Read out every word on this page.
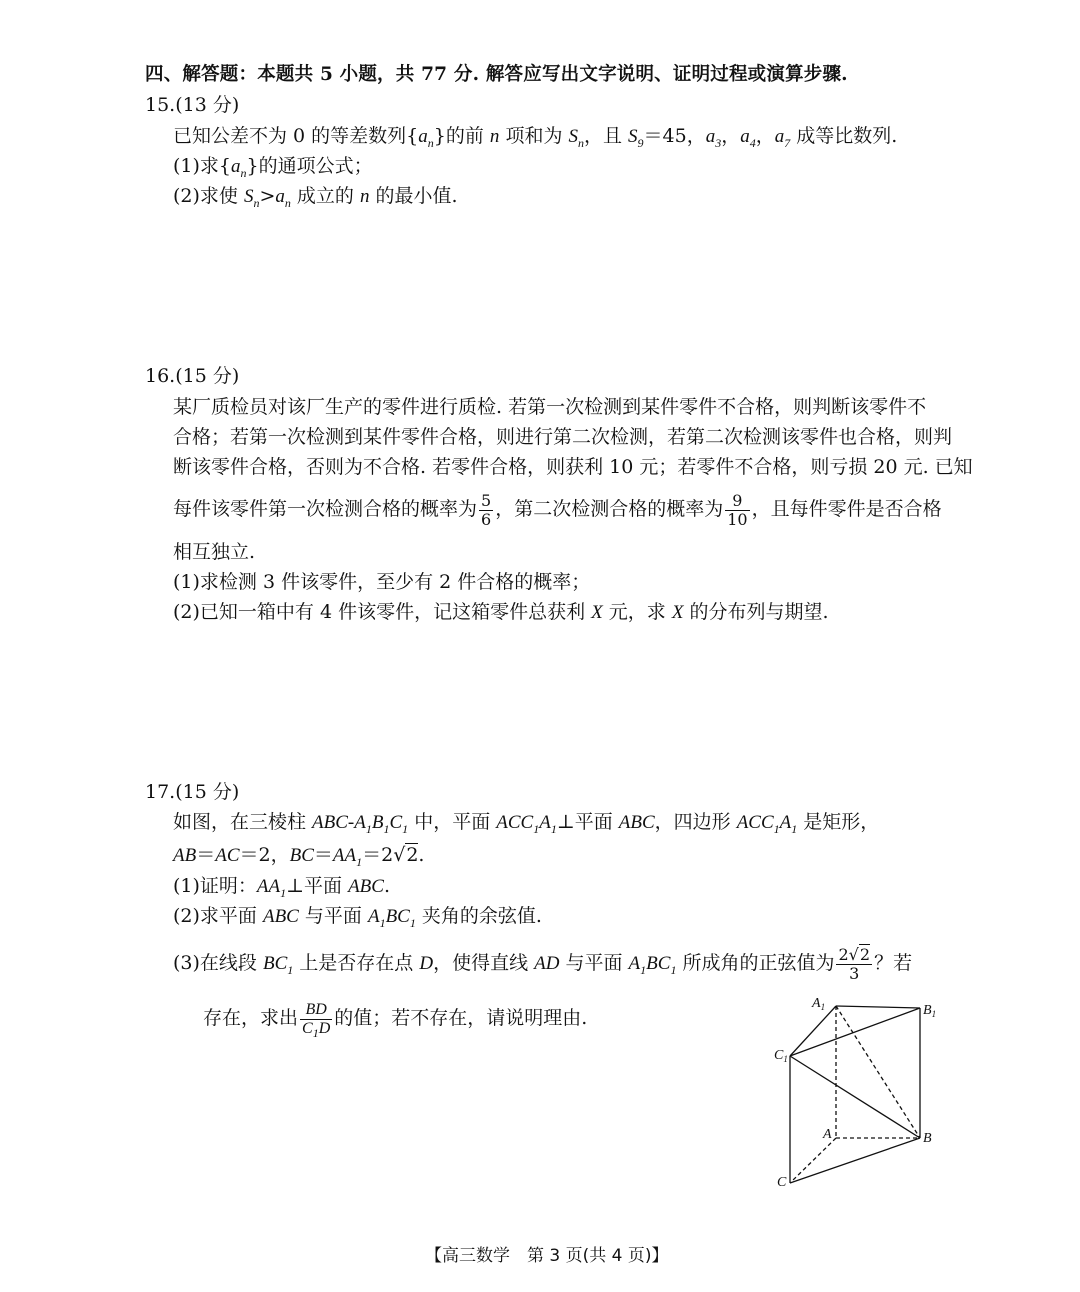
四、解答题：本题共 5 小题，共 77 分. 解答应写出文字说明、证明过程或演算步骤.
15.(13 分)
已知公差不为 0 的等差数列$\{a_n\}$的前 n 项和为 $S_n$，且 $S_9=45$，$a_3$，$a_4$，$a_7$ 成等比数列.
(1)求$\{a_n\}$的通项公式；
(2)求使 $S_n>a_n$ 成立的 n 的最小值.
16.(15 分)
某厂质检员对该厂生产的零件进行质检. 若第一次检测到某件零件不合格，则判断该零件不
合格；若第一次检测到某件零件合格，则进行第二次检测，若第二次检测该零件也合格，则判
断该零件合格，否则为不合格. 若零件合格，则获利 10 元；若零件不合格，则亏损 20 元. 已知
每件该零件第一次检测合格的概率为 $\frac{5}{6}$ ，第二次检测合格的概率为 $\frac{9}{10}$ ，且每件零件是否合格
相互独立.
(1)求检测 3 件该零件，至少有 2 件合格的概率；
(2)已知一箱中有 4 件该零件，记这箱零件总获利 X 元，求 X 的分布列与期望.
17.(15 分)
如图，在三棱柱 ABC-$A_1B_1C_1$ 中，平面 $ACC_1A_1\perp$平面 ABC，四边形 $ACC_1A_1$ 是矩形，
AB＝AC＝2，$BC=AA_1=2√2$.
(1)证明：$AA_1\perp$平面 ABC.
(2)求平面 ABC 与平面 $A_1BC_1$ 夹角的余弦值.
(3)在线段 $BC_1$ 上是否存在点 D，使得直线 AD 与平面 $A_1BC_1$ 所成角的正弦值为 $\frac{2√2}{3}$ ？若
存在，求出 $\frac{BD}{C_1D}$ 的值；若不存在，请说明理由.
$A_1$	$B_1$
$C_1$
A	B
C
【高三数学　第 3 页(共 4 页)】
